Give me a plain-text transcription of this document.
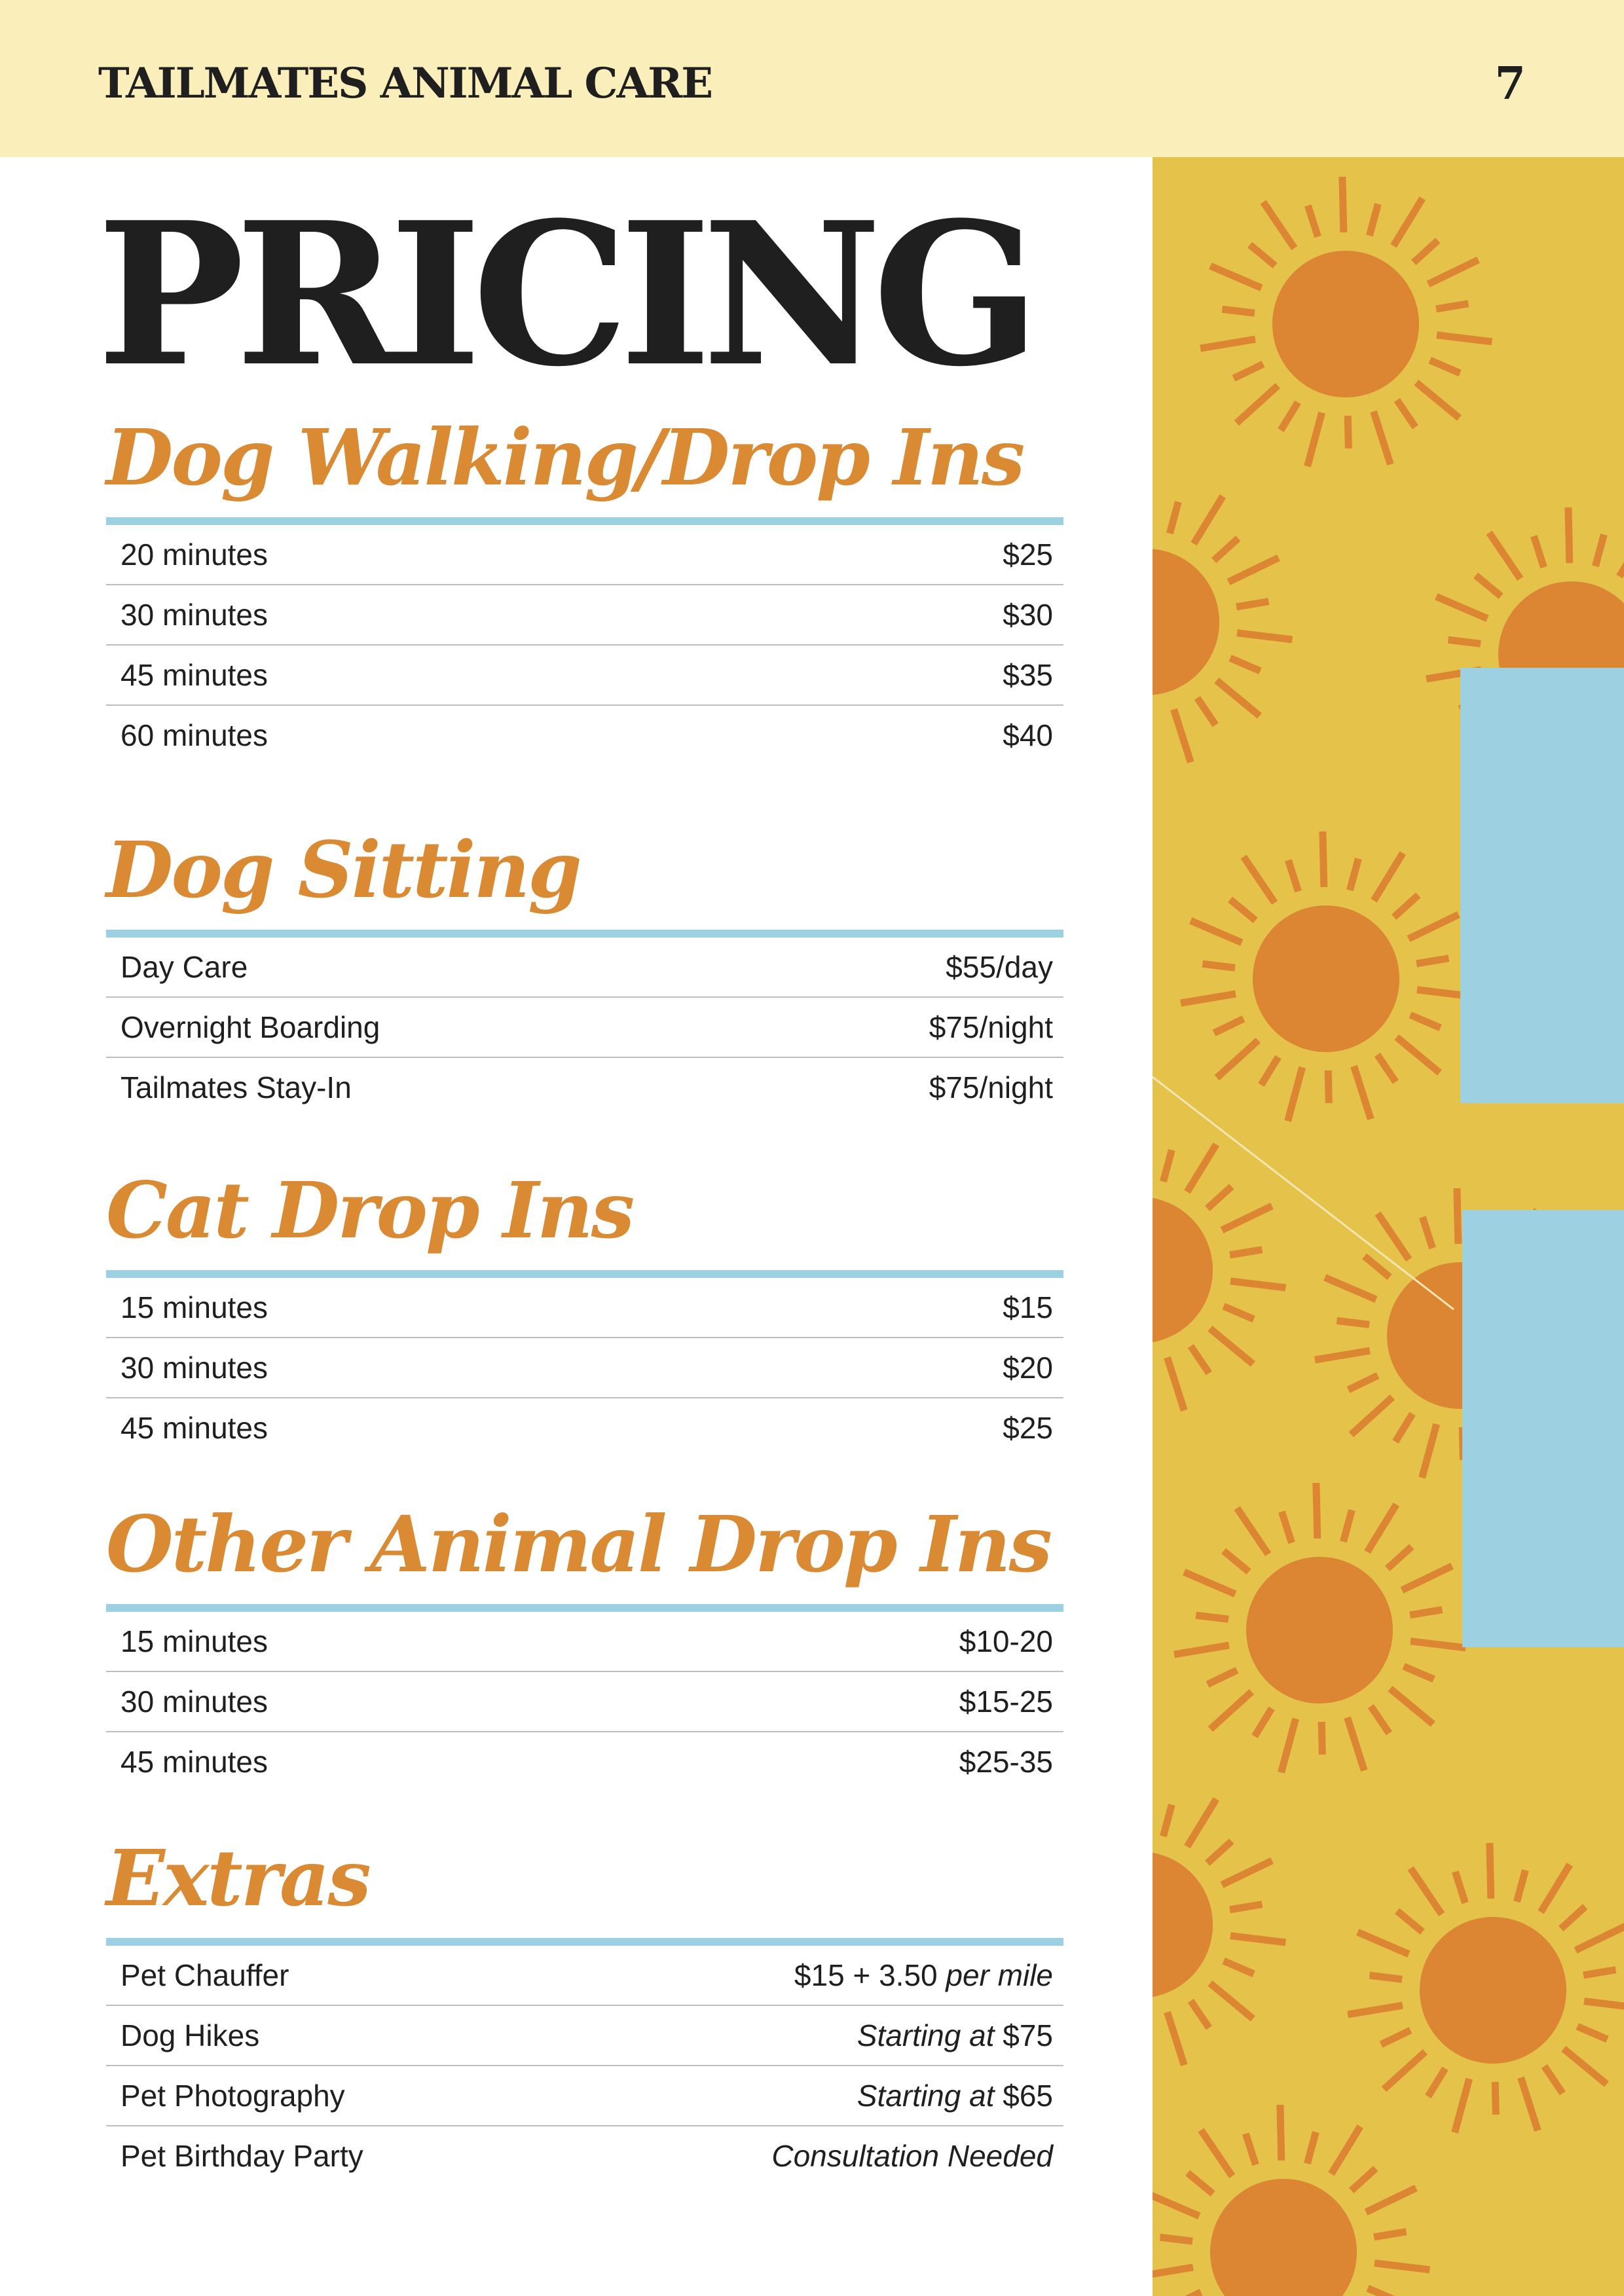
TAILMATES ANIMAL CARE	7
PRICING
Dog Walking/Drop Ins
20 minutes	$25
30 minutes	$30
45 minutes	$35
60 minutes	$40
Dog Sitting
Day Care	$55/day
Overnight Boarding	$75/night
Tailmates Stay-In	$75/night
Cat Drop Ins
15 minutes	$15
30 minutes	$20
45 minutes	$25
Other Animal Drop Ins
15 minutes	$10-20
30 minutes	$15-25
45 minutes	$25-35
Extras
Pet Chauffer	$15 + 3.50 per mile
Dog Hikes	Starting at $75
Pet Photography	Starting at $65
Pet Birthday Party	Consultation Needed
